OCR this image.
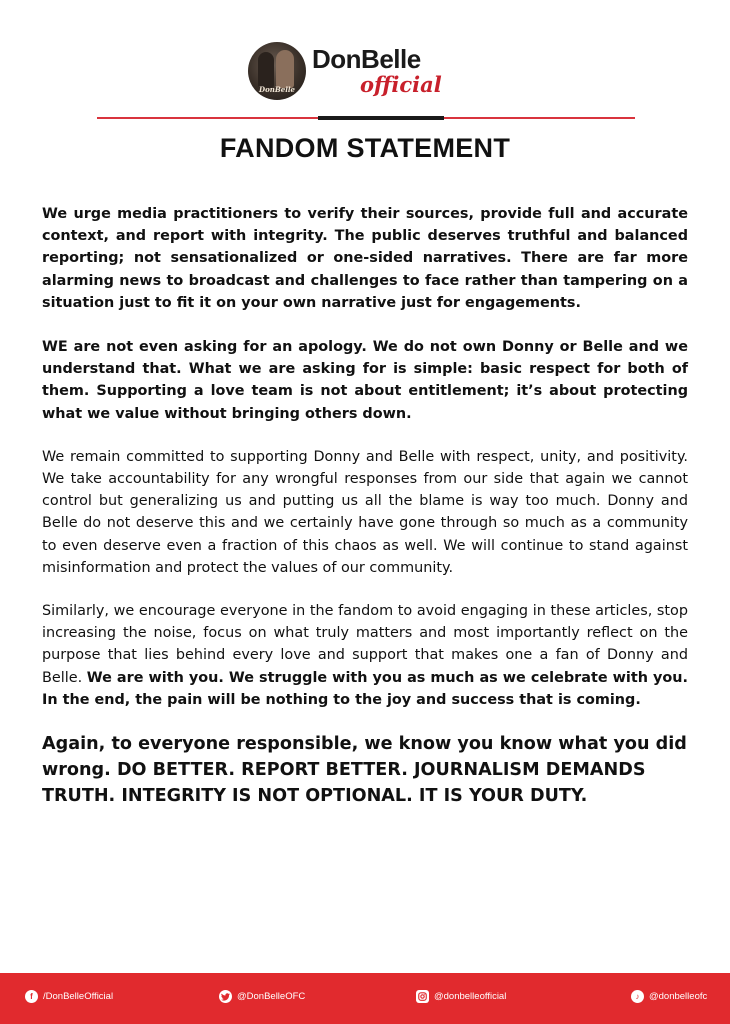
DonBelle
DonBelle
official
FANDOM STATEMENT

We urge media practitioners to verify their sources, provide full and accurate context, and report with integrity. The public deserves truthful and balanced reporting; not sensationalized or one-sided narratives. There are far more alarming news to broadcast and challenges to face rather than tampering on a situation just to fit it on your own narrative just for engagements.

WE are not even asking for an apology. We do not own Donny or Belle and we understand that. What we are asking for is simple: basic respect for both of them. Supporting a love team is not about entitlement; it’s about protecting what we value without bringing others down.

We remain committed to supporting Donny and Belle with respect, unity, and positivity. We take accountability for any wrongful responses from our side that again we cannot control but generalizing us and putting us all the blame is way too much. Donny and Belle do not deserve this and we certainly have gone through so much as a community to even deserve even a fraction of this chaos as well. We will continue to stand against misinformation and protect the values of our community.

Similarly, we encourage everyone in the fandom to avoid engaging in these articles, stop increasing the noise, focus on what truly matters and most importantly reflect on the purpose that lies behind every love and support that makes one a fan of Donny and Belle. We are with you. We struggle with you as much as we celebrate with you. In the end, the pain will be nothing to the joy and success that is coming.

Again, to everyone responsible, we know you know what you did wrong. DO BETTER. REPORT BETTER. JOURNALISM DEMANDS TRUTH. INTEGRITY IS NOT OPTIONAL. IT IS YOUR DUTY.

f	/DonBelleOfficial	@DonBelleOFC	@donbelleofficial	♪	@donbelleofc
